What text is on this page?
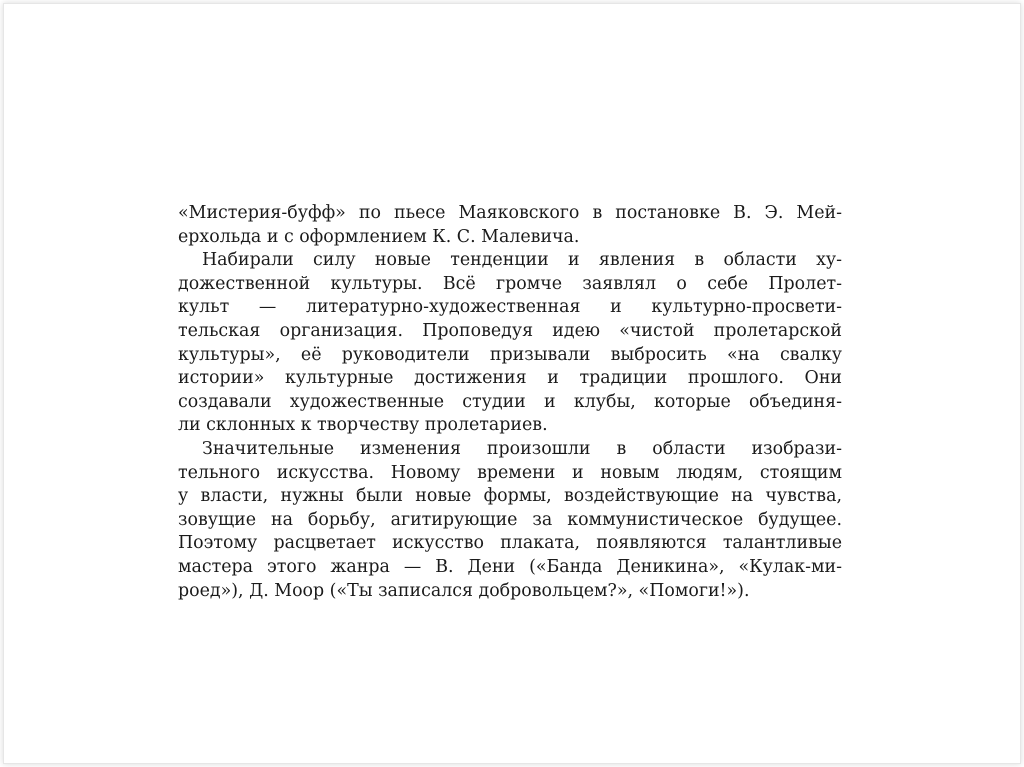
«Мистерия-буфф» по пьесе Маяковского в постановке В. Э. Мей-
ерхольда и с оформлением К. С. Малевича.
Набирали силу новые тенденции и явления в области ху-
дожественной культуры. Всё громче заявлял о себе Пролет-
культ — литературно-художественная и культурно-просвети-
тельская организация. Проповедуя идею «чистой пролетарской
культуры», её руководители призывали выбросить «на свалку
истории» культурные достижения и традиции прошлого. Они
создавали художественные студии и клубы, которые объединя-
ли склонных к творчеству пролетариев.
Значительные изменения произошли в области изобрази-
тельного искусства. Новому времени и новым людям, стоящим
у власти, нужны были новые формы, воздействующие на чувства,
зовущие на борьбу, агитирующие за коммунистическое будущее.
Поэтому расцветает искусство плаката, появляются талантливые
мастера этого жанра — В. Дени («Банда Деникина», «Кулак-ми-
роед»), Д. Моор («Ты записался добровольцем?», «Помоги!»).
